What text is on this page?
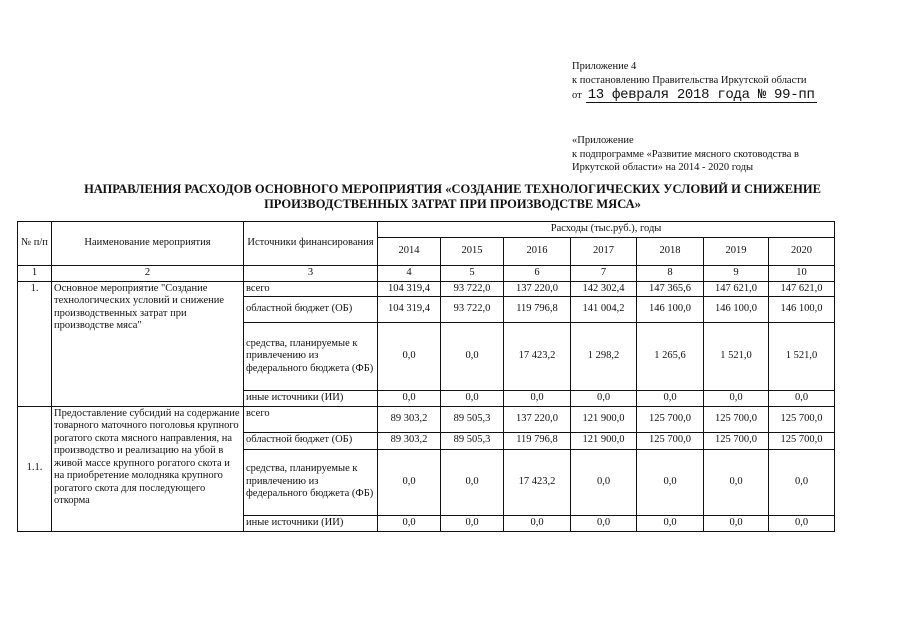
Приложение 4
к постановлению Правительства Иркутской области
от 13 февраля 2018 года № 99-пп
«Приложение
к подпрограмме «Развитие мясного скотоводства в
Иркутской области» на 2014 - 2020 годы
НАПРАВЛЕНИЯ РАСХОДОВ ОСНОВНОГО МЕРОПРИЯТИЯ «СОЗДАНИЕ ТЕХНОЛОГИЧЕСКИХ УСЛОВИЙ И СНИЖЕНИЕ ПРОИЗВОДСТВЕННЫХ ЗАТРАТ ПРИ ПРОИЗВОДСТВЕ МЯСА»
№ п/п	Наименование мероприятия	Источники финансирования	Расходы (тыс.руб.), годы						
			2014	2015	2016	2017	2018	2019	2020
1	2	3	4	5	6	7	8	9	10
1.	Основное мероприятие "Создание технологических условий и снижение производственных затрат при производстве мяса"	всего	104 319,4	93 722,0	137 220,0	142 302,4	147 365,6	147 621,0	147 621,0
		областной бюджет (ОБ)	104 319,4	93 722,0	119 796,8	141 004,2	146 100,0	146 100,0	146 100,0
		средства, планируемые к привлечению из федерального бюджета (ФБ)	0,0	0,0	17 423,2	1 298,2	1 265,6	1 521,0	1 521,0
		иные источники (ИИ)	0,0	0,0	0,0	0,0	0,0	0,0	0,0
1.1.	Предоставление субсидий на содержание товарного маточного поголовья крупного рогатого скота мясного направления, на производство и реализацию на убой в живой массе крупного рогатого скота и на приобретение молодняка крупного рогатого скота для последующего откорма	всего	89 303,2	89 505,3	137 220,0	121 900,0	125 700,0	125 700,0	125 700,0
		областной бюджет (ОБ)	89 303,2	89 505,3	119 796,8	121 900,0	125 700,0	125 700,0	125 700,0
		средства, планируемые к привлечению из федерального бюджета (ФБ)	0,0	0,0	17 423,2	0,0	0,0	0,0	0,0
		иные источники (ИИ)	0,0	0,0	0,0	0,0	0,0	0,0	0,0
